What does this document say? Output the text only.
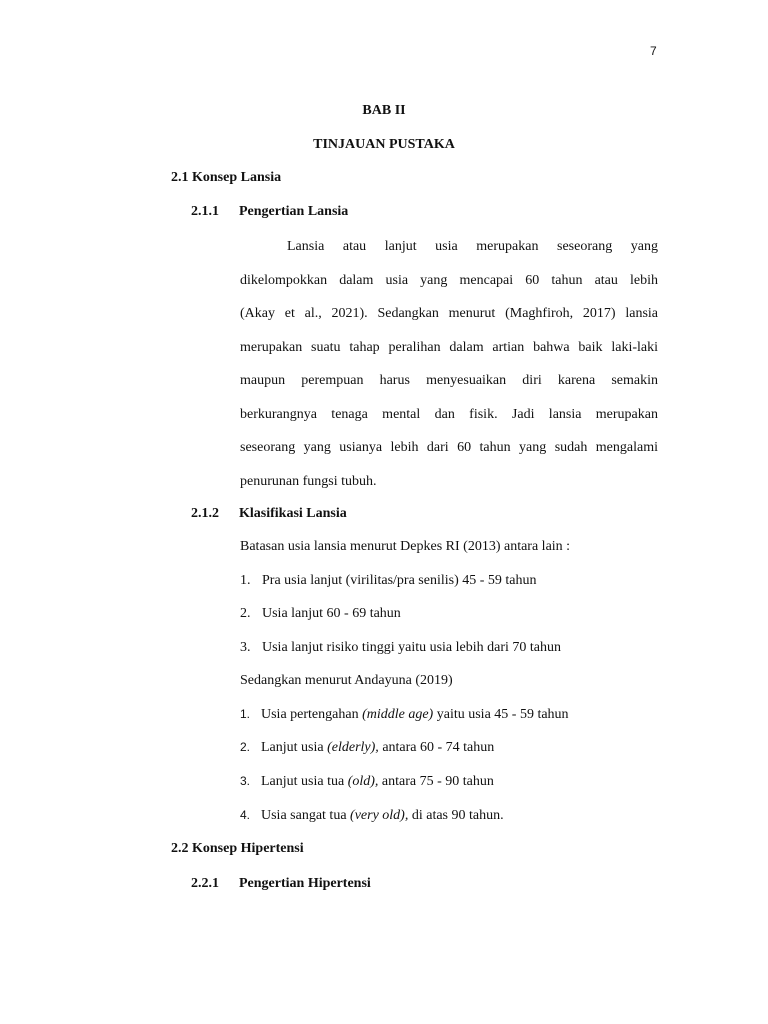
7
BAB II
TINJAUAN PUSTAKA
2.1 Konsep Lansia
2.1.1 Pengertian Lansia
Lansia atau lanjut usia merupakan seseorang yang
dikelompokkan dalam usia yang mencapai 60 tahun atau lebih
(Akay et al., 2021). Sedangkan menurut (Maghfiroh, 2017) lansia
merupakan suatu tahap peralihan dalam artian bahwa baik laki-laki
maupun perempuan harus menyesuaikan diri karena semakin
berkurangnya tenaga mental dan fisik. Jadi lansia merupakan
seseorang yang usianya lebih dari 60 tahun yang sudah mengalami
penurunan fungsi tubuh.
2.1.2 Klasifikasi Lansia
Batasan usia lansia menurut Depkes RI (2013) antara lain :
1. Pra usia lanjut (virilitas/pra senilis) 45 - 59 tahun
2. Usia lanjut 60 - 69 tahun
3. Usia lanjut risiko tinggi yaitu usia lebih dari 70 tahun
Sedangkan menurut Andayuna (2019)
1. Usia pertengahan (middle age) yaitu usia 45 - 59 tahun
2. Lanjut usia (elderly), antara 60 - 74 tahun
3. Lanjut usia tua (old), antara 75 - 90 tahun
4. Usia sangat tua (very old), di atas 90 tahun.
2.2 Konsep Hipertensi
2.2.1 Pengertian Hipertensi
